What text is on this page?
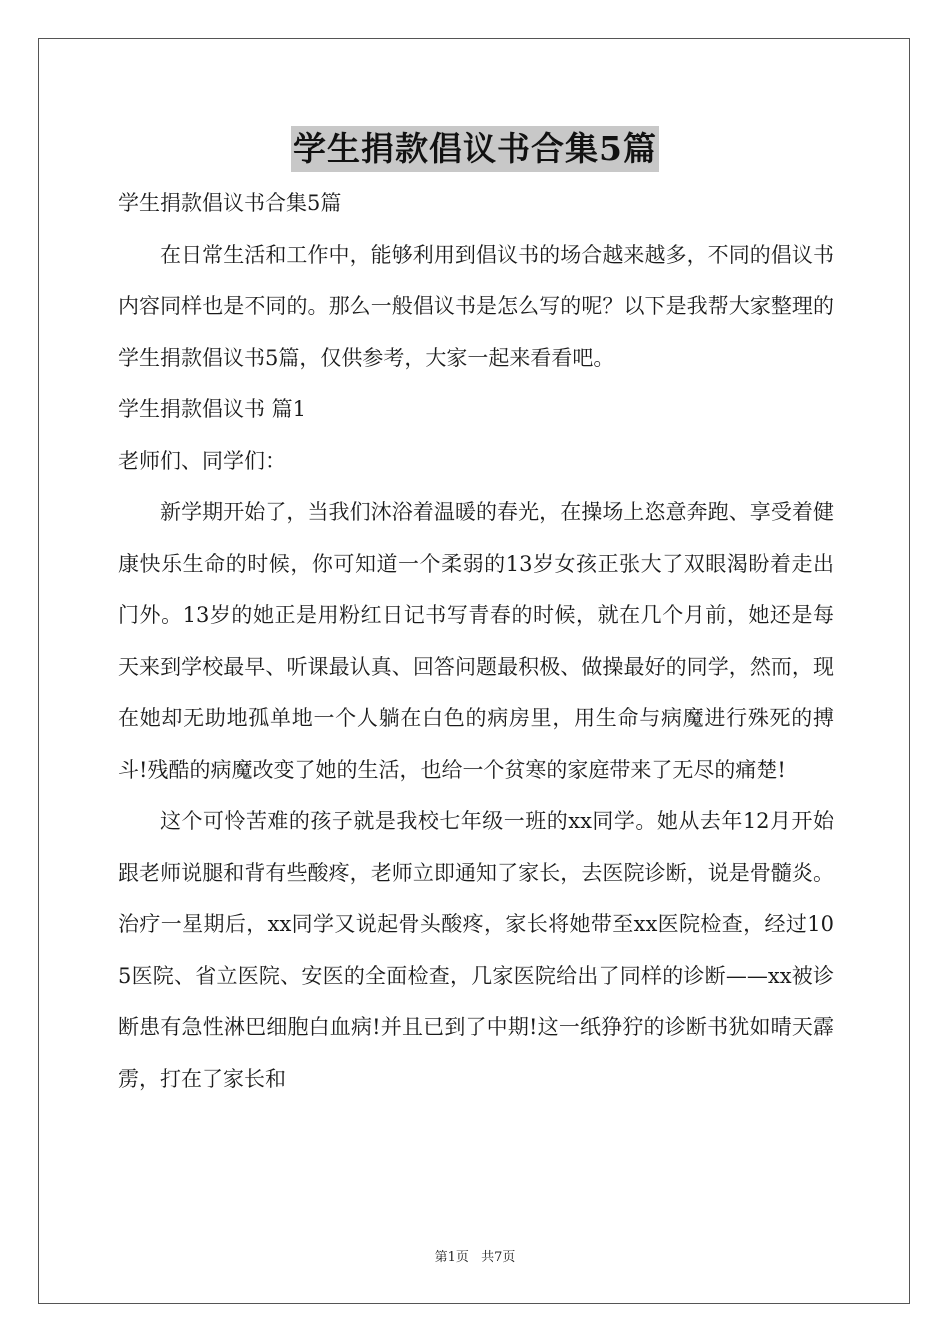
学生捐款倡议书合集5篇

学生捐款倡议书合集5篇

在日常生活和工作中，能够利用到倡议书的场合越来越多，不同的倡议书内容同样也是不同的。那么一般倡议书是怎么写的呢？以下是我帮大家整理的学生捐款倡议书5篇，仅供参考，大家一起来看看吧。

学生捐款倡议书 篇1

老师们、同学们：

新学期开始了，当我们沐浴着温暖的春光，在操场上恣意奔跑、享受着健康快乐生命的时候，你可知道一个柔弱的13岁女孩正张大了双眼渴盼着走出门外。13岁的她正是用粉红日记书写青春的时候，就在几个月前，她还是每天来到学校最早、听课最认真、回答问题最积极、做操最好的同学，然而，现在她却无助地孤单地一个人躺在白色的病房里，用生命与病魔进行殊死的搏斗!残酷的病魔改变了她的生活，也给一个贫寒的家庭带来了无尽的痛楚!

这个可怜苦难的孩子就是我校七年级一班的xx同学。她从去年12月开始跟老师说腿和背有些酸疼，老师立即通知了家长，去医院诊断，说是骨髓炎。治疗一星期后，xx同学又说起骨头酸疼，家长将她带至xx医院检查，经过105医院、省立医院、安医的全面检查，几家医院给出了同样的诊断——xx被诊断患有急性淋巴细胞白血病!并且已到了中期!这一纸狰狞的诊断书犹如晴天霹雳，打在了家长和

第1页 共7页
